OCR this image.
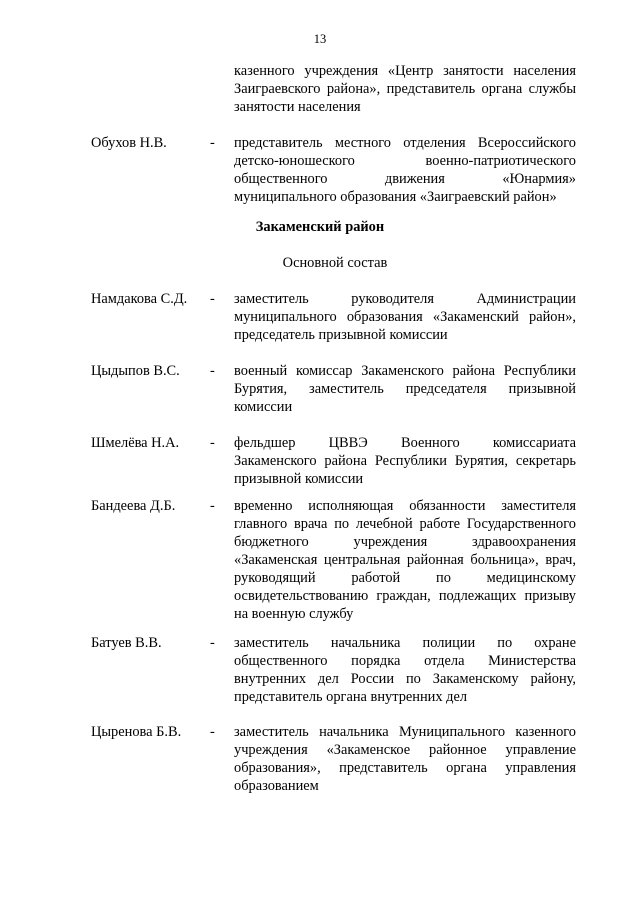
13
казенного учреждения «Центр занятости населения
Заиграевского района», представитель органа службы
занятости населения
Обухов Н.В.	- представитель местного отделения Всероссийского
детско-юношеского военно-патриотического
общественного движения «Юнармия»
муниципального образования «Заиграевский район»
Закаменский район
Основной состав
Намдакова С.Д.	- заместитель руководителя Администрации
муниципального образования «Закаменский район»,
председатель призывной комиссии
Цыдыпов В.С.	- военный комиссар Закаменского района Республики
Бурятия, заместитель председателя призывной
комиссии
Шмелёва Н.А.	- фельдшер ЦВВЭ Военного комиссариата
Закаменского района Республики Бурятия, секретарь
призывной комиссии
Бандеева Д.Б.	- временно исполняющая обязанности заместителя
главного врача по лечебной работе Государственного
бюджетного учреждения здравоохранения
«Закаменская центральная районная больница», врач,
руководящий работой по медицинскому
освидетельствованию граждан, подлежащих призыву
на военную службу
Батуев В.В.	- заместитель начальника полиции по охране
общественного порядка отдела Министерства
внутренних дел России по Закаменскому району,
представитель органа внутренних дел
Цыренова Б.В.	- заместитель начальника Муниципального казенного
учреждения «Закаменское районное управление
образования», представитель органа управления
образованием
